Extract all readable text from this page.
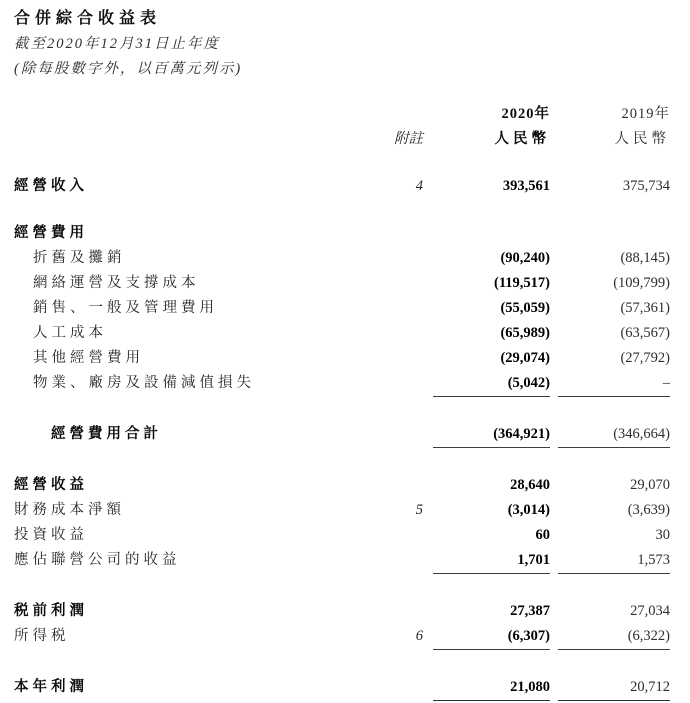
合併綜合收益表
截至2020年12月31日止年度
(除每股數字外，以百萬元列示)
2020年	2019年
附註	人民幣	人民幣
經營收入	4	393,561	375,734
經營費用
折舊及攤銷	(90,240)	(88,145)
網絡運營及支撐成本	(119,517)	(109,799)
銷售、一般及管理費用	(55,059)	(57,361)
人工成本	(65,989)	(63,567)
其他經營費用	(29,074)	(27,792)
物業、廠房及設備減值損失	(5,042)	–
經營費用合計	(364,921)	(346,664)
經營收益	28,640	29,070
財務成本淨額	5	(3,014)	(3,639)
投資收益	60	30
應佔聯營公司的收益	1,701	1,573
税前利潤	27,387	27,034
所得税	6	(6,307)	(6,322)
本年利潤	21,080	20,712
